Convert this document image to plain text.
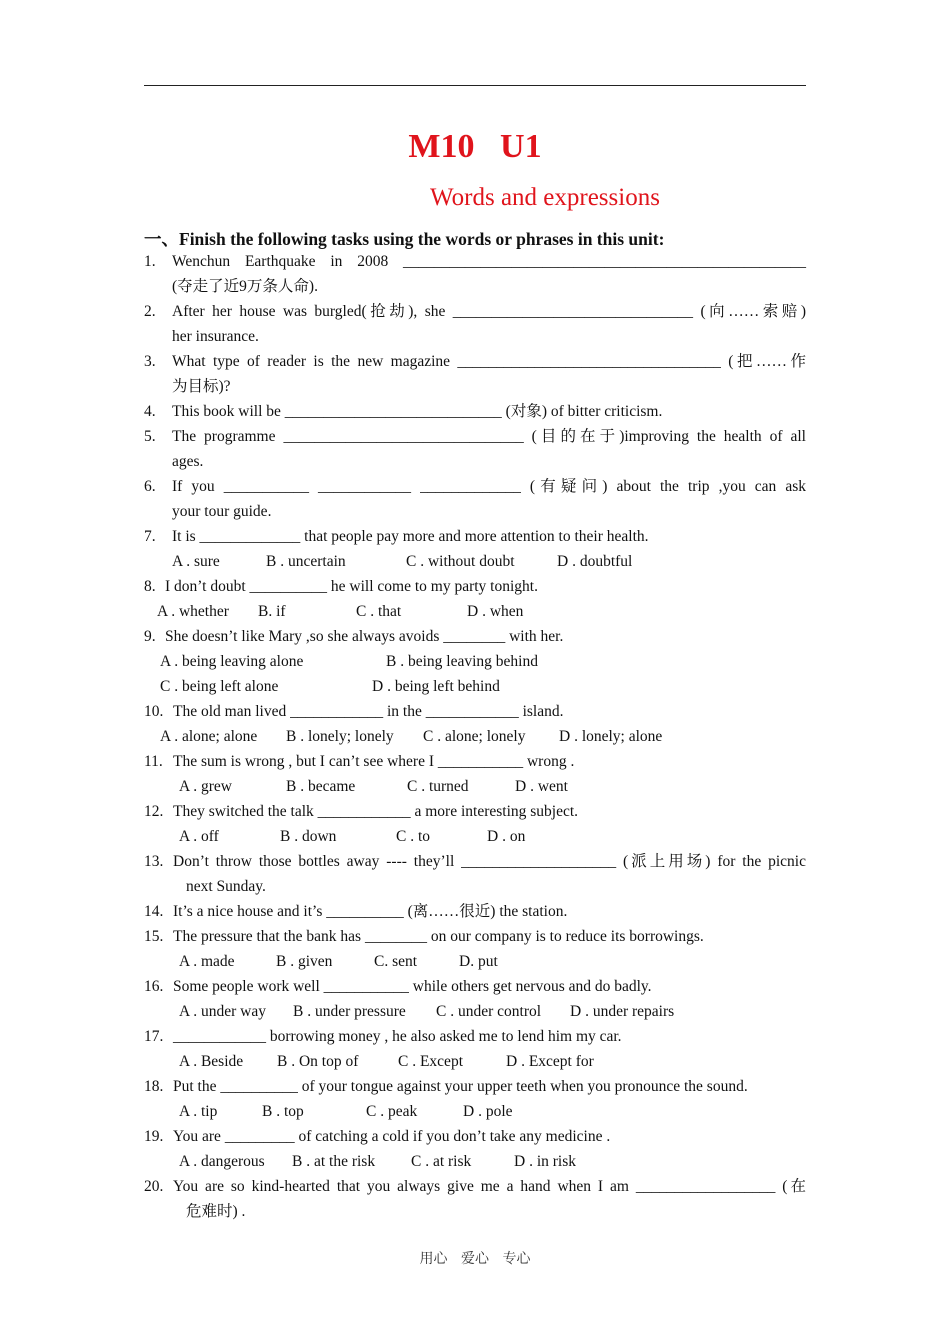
M10   U1
Words and expressions
一、Finish the following tasks using the words or phrases in this unit:
1.	Wenchun Earthquake in 2008 ____________________________________________________
(夺走了近9万条人命).
2.	After her house was burgled(抢劫), she _______________________________ (向……索赔)
her insurance.
3.	What type of reader is the new magazine __________________________________ (把……作
为目标)?
4.	This book will be ____________________________ (对象) of bitter criticism.
5.	The programme _______________________________ (目的在于)improving the health of all
ages.
6.	If you ___________ ____________ _____________ (有疑问) about the trip ,you can ask
your tour guide.
7.	It is _____________ that people pay more and more attention to their health.
A . sure	B . uncertain	C . without doubt	D . doubtful
8. I don’t doubt __________ he will come to my party tonight.
A . whether	B. if	C . that	D . when
9. She doesn’t like Mary ,so she always avoids ________ with her.
A . being leaving alone	B . being leaving behind
C . being left alone	D . being left behind
10. The old man lived ____________ in the ____________ island.
A . alone; alone	B . lonely; lonely	C . alone; lonely	D . lonely; alone
11. The sum is wrong , but I can’t see where I ___________ wrong .
A . grew	B . became	C . turned	D . went
12. They switched the talk ____________ a more interesting subject.
A . off	B . down	C . to	D . on
13. Don’t throw those bottles away ---- they’ll ____________________ (派上用场) for the picnic
next Sunday.
14. It’s a nice house and it’s __________ (离……很近) the station.
15. The pressure that the bank has ________ on our company is to reduce its borrowings.
A . made	B . given	C. sent	D. put
16. Some people work well ___________ while others get nervous and do badly.
A . under way	B . under pressure	C . under control	D . under repairs
17. ____________ borrowing money , he also asked me to lend him my car.
A . Beside	B . On top of	C . Except	D . Except for
18. Put the __________ of your tongue against your upper teeth when you pronounce the sound.
A . tip	B . top	C . peak	D . pole
19. You are _________ of catching a cold if you don’t take any medicine .
A . dangerous	B . at the risk	C . at risk	D . in risk
20. You are so kind-hearted that you always give me a hand when I am __________________ (在
危难时) .
用心 爱心 专心
